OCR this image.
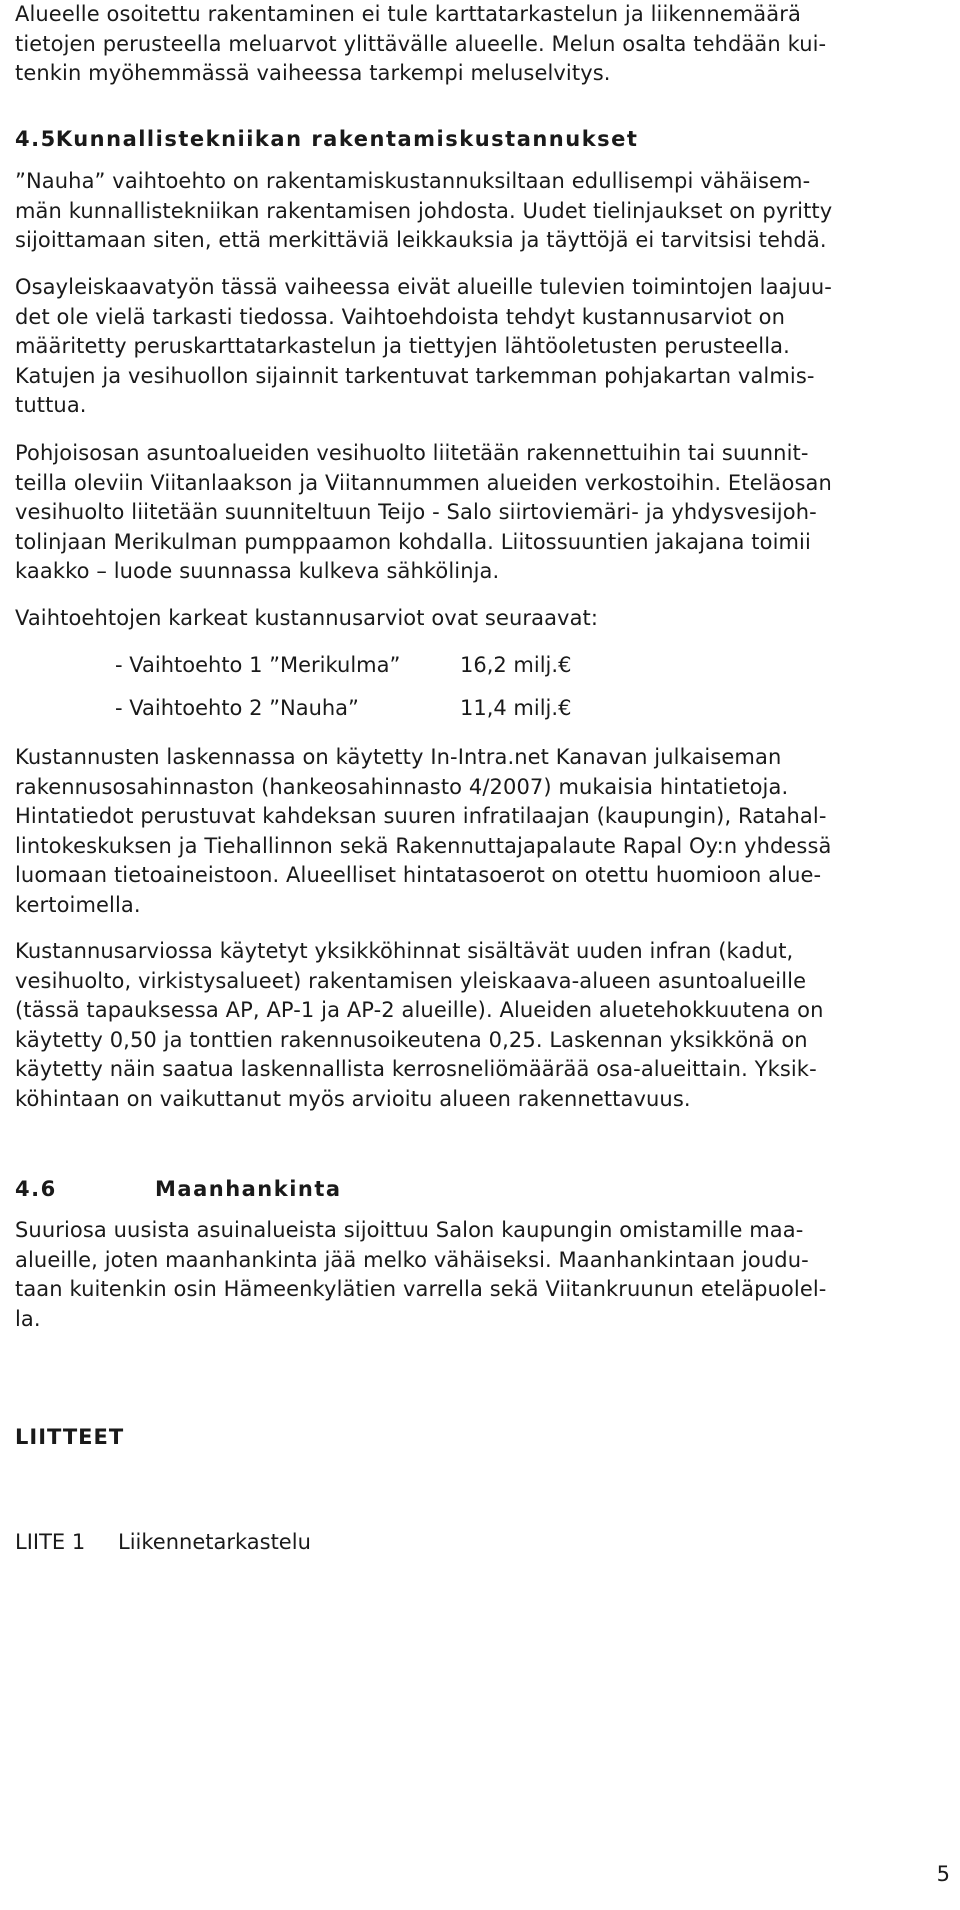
Alueelle osoitettu rakentaminen ei tule karttatarkastelun ja liikennemäärä
tietojen perusteella meluarvot ylittävälle alueelle. Melun osalta tehdään kui-
tenkin myöhemmässä vaiheessa tarkempi meluselvitys.
4.5 Kunnallistekniikan rakentamiskustannukset
”Nauha” vaihtoehto on rakentamiskustannuksiltaan edullisempi vähäisem-
män kunnallistekniikan rakentamisen johdosta. Uudet tielinjaukset on pyritty
sijoittamaan siten, että merkittäviä leikkauksia ja täyttöjä ei tarvitsisi tehdä.
Osayleiskaavatyön tässä vaiheessa eivät alueille tulevien toimintojen laajuu-
det ole vielä tarkasti tiedossa. Vaihtoehdoista tehdyt kustannusarviot on
määritetty peruskarttatarkastelun ja tiettyjen lähtöoletusten perusteella.
Katujen ja vesihuollon sijainnit tarkentuvat tarkemman pohjakartan valmis-
tuttua.
Pohjoisosan asuntoalueiden vesihuolto liitetään rakennettuihin tai suunnit-
teilla oleviin Viitanlaakson ja Viitannummen alueiden verkostoihin. Eteläosan
vesihuolto liitetään suunniteltuun Teijo - Salo siirtoviemäri- ja yhdysvesijoh-
tolinjaan Merikulman pumppaamon kohdalla. Liitossuuntien jakajana toimii
kaakko – luode suunnassa kulkeva sähkölinja.
Vaihtoehtojen karkeat kustannusarviot ovat seuraavat:
- Vaihtoehto 1 ”Merikulma”	16,2 milj.€
- Vaihtoehto 2 ”Nauha”	11,4 milj.€
Kustannusten laskennassa on käytetty In-Intra.net Kanavan julkaiseman
rakennusosahinnaston (hankeosahinnasto 4/2007) mukaisia hintatietoja.
Hintatiedot perustuvat kahdeksan suuren infratilaajan (kaupungin), Ratahal-
lintokeskuksen ja Tiehallinnon sekä Rakennuttajapalaute Rapal Oy:n yhdessä
luomaan tietoaineistoon. Alueelliset hintatasoerot on otettu huomioon alue-
kertoimella.
Kustannusarviossa käytetyt yksikköhinnat sisältävät uuden infran (kadut,
vesihuolto, virkistysalueet) rakentamisen yleiskaava-alueen asuntoalueille
(tässä tapauksessa AP, AP-1 ja AP-2 alueille). Alueiden aluetehokkuutena on
käytetty 0,50 ja tonttien rakennusoikeutena 0,25. Laskennan yksikkönä on
käytetty näin saatua laskennallista kerrosneliömäärää osa-alueittain. Yksik-
köhintaan on vaikuttanut myös arvioitu alueen rakennettavuus.
4.6	Maanhankinta
Suuriosa uusista asuinalueista sijoittuu Salon kaupungin omistamille maa-
alueille, joten maanhankinta jää melko vähäiseksi. Maanhankintaan joudu-
taan kuitenkin osin Hämeenkylätien varrella sekä Viitankruunun eteläpuolel-
la.
LIITTEET
LIITE 1 Liikennetarkastelu
5
